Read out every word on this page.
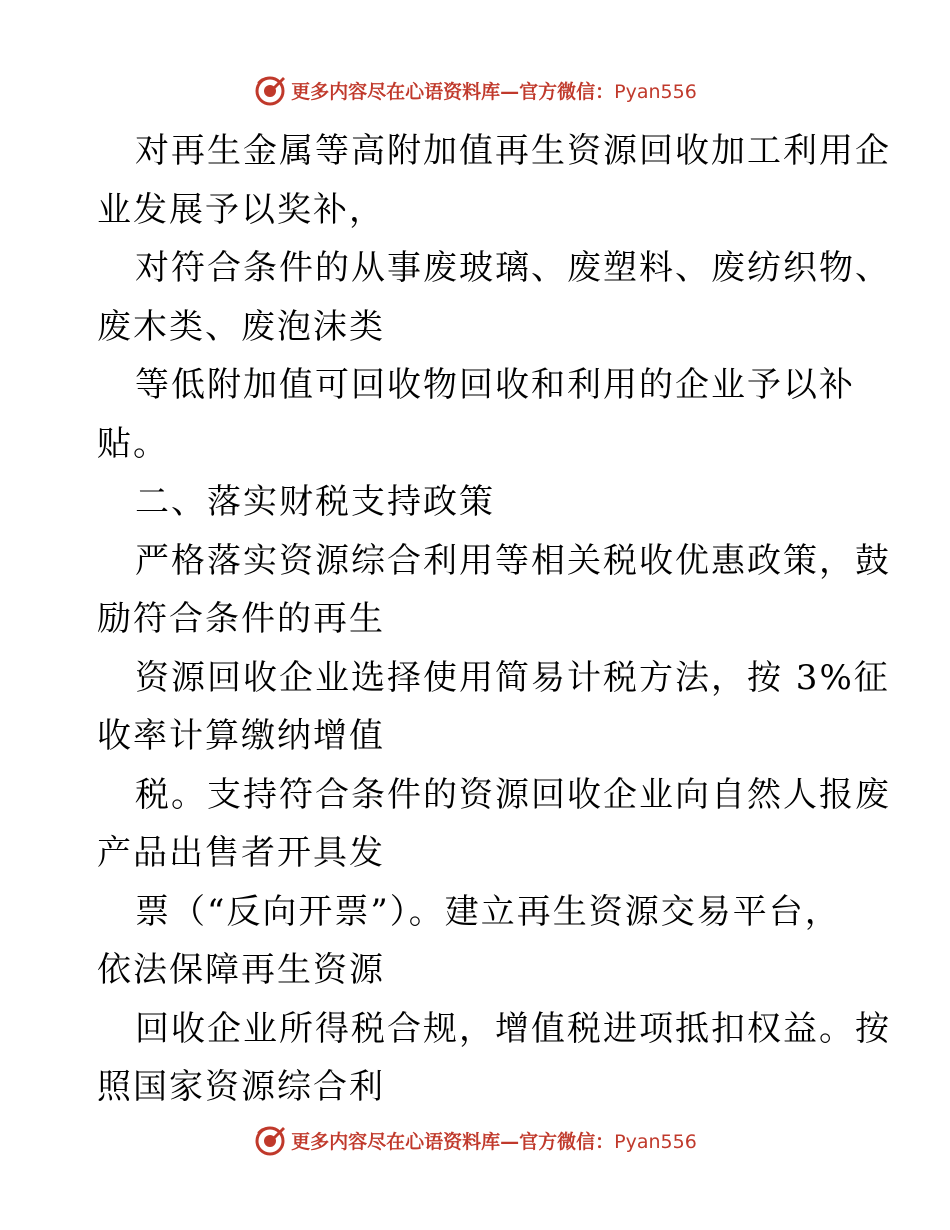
更多内容尽在心语资料库—官方微信：Pyan556
对再生金属等高附加值再生资源回收加工利用企
业发展予以奖补，
对符合条件的从事废玻璃、废塑料、废纺织物、
废木类、废泡沫类
等低附加值可回收物回收和利用的企业予以补
贴。
二、落实财税支持政策
严格落实资源综合利用等相关税收优惠政策，鼓
励符合条件的再生
资源回收企业选择使用简易计税方法，按 3%征
收率计算缴纳增值
税。支持符合条件的资源回收企业向自然人报废
产品出售者开具发
票（“反向开票”）。建立再生资源交易平台，
依法保障再生资源
回收企业所得税合规，增值税进项抵扣权益。按
照国家资源综合利
更多内容尽在心语资料库—官方微信：Pyan556
